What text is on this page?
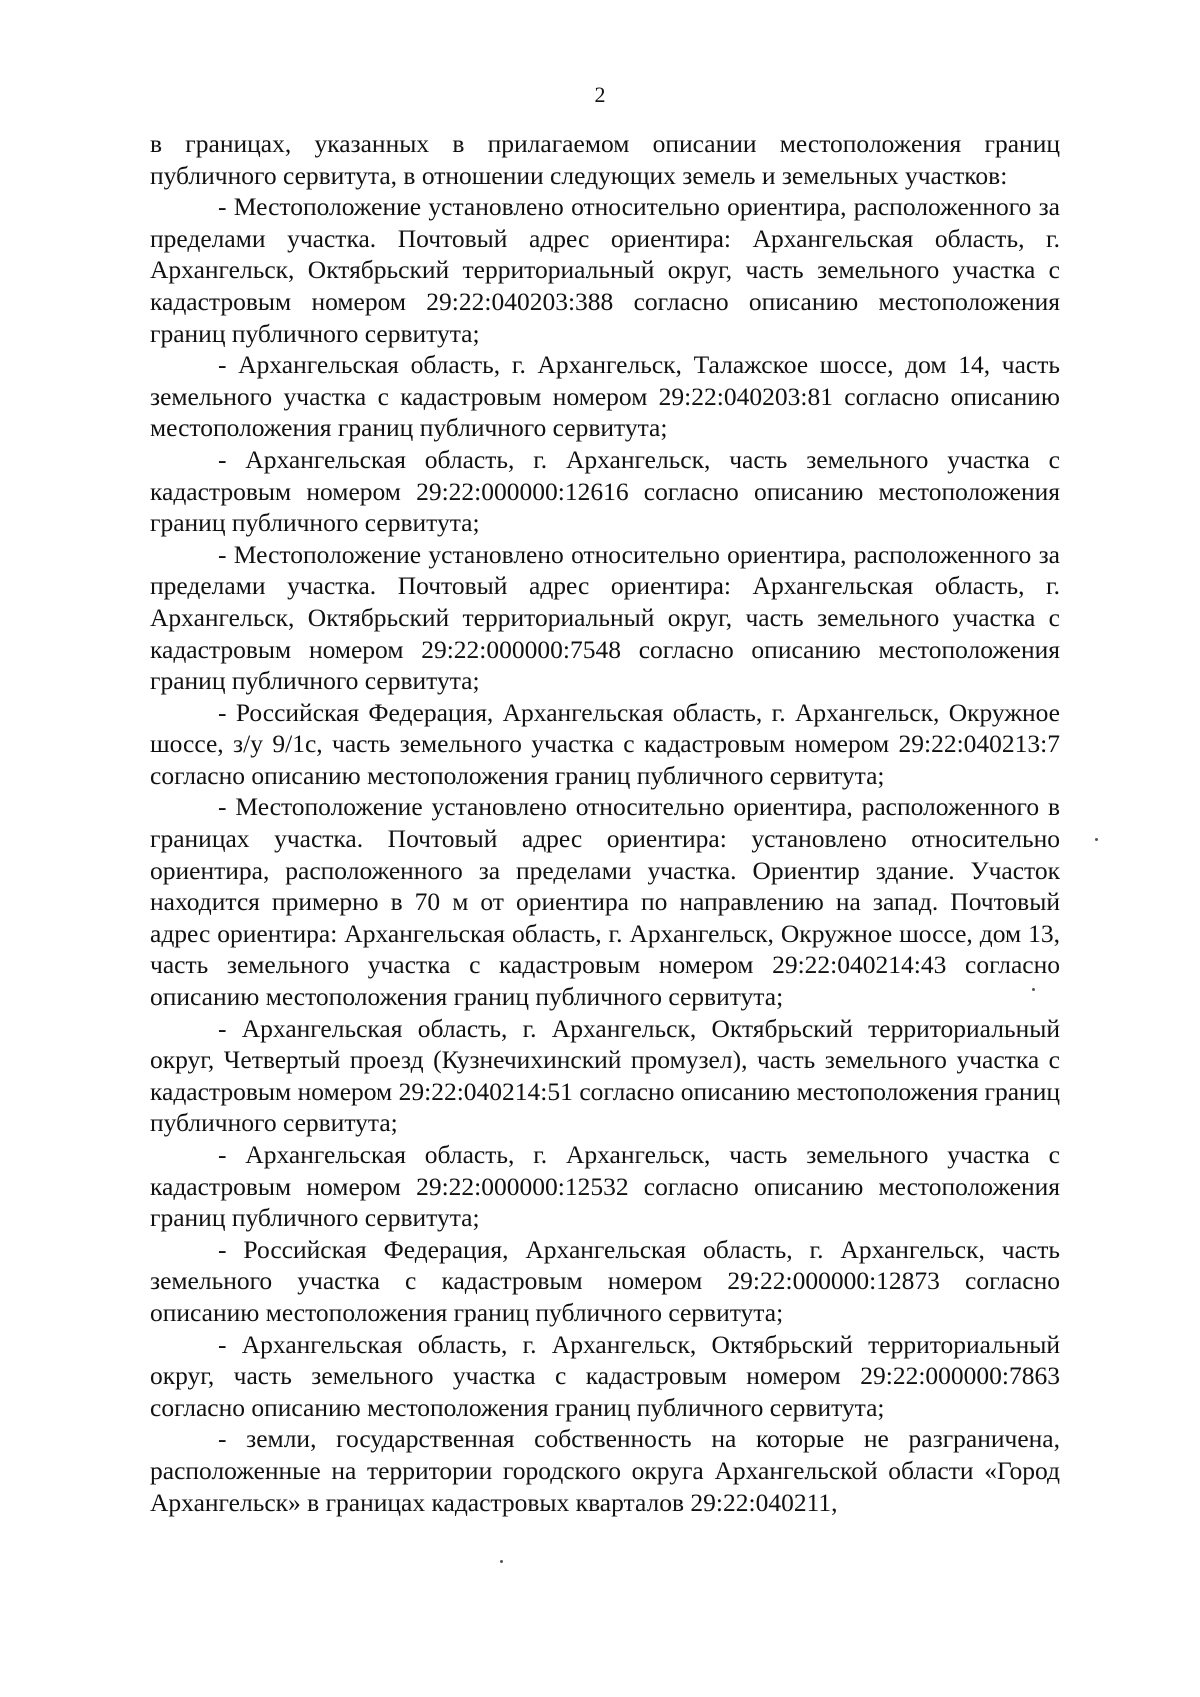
2

в границах, указанных в прилагаемом описании местоположения границ публичного сервитута, в отношении следующих земель и земельных участков:

- Местоположение установлено относительно ориентира, расположенного за пределами участка. Почтовый адрес ориентира: Архангельская область, г. Архангельск, Октябрьский территориальный округ, часть земельного участка с кадастровым номером 29:22:040203:388 согласно описанию местоположения границ публичного сервитута;

- Архангельская область, г. Архангельск, Талажское шоссе, дом 14, часть земельного участка с кадастровым номером 29:22:040203:81 согласно описанию местоположения границ публичного сервитута;

- Архангельская область, г. Архангельск, часть земельного участка с кадастровым номером 29:22:000000:12616 согласно описанию местоположения границ публичного сервитута;

- Местоположение установлено относительно ориентира, расположенного за пределами участка. Почтовый адрес ориентира: Архангельская область, г. Архангельск, Октябрьский территориальный округ, часть земельного участка с кадастровым номером 29:22:000000:7548 согласно описанию местоположения границ публичного сервитута;

- Российская Федерация, Архангельская область, г. Архангельск, Окружное шоссе, з/у 9/1с, часть земельного участка с кадастровым номером 29:22:040213:7 согласно описанию местоположения границ публичного сервитута;

- Местоположение установлено относительно ориентира, расположенного в границах участка. Почтовый адрес ориентира: установлено относительно ориентира, расположенного за пределами участка. Ориентир здание. Участок находится примерно в 70 м от ориентира по направлению на запад. Почтовый адрес ориентира: Архангельская область, г. Архангельск, Окружное шоссе, дом 13, часть земельного участка с кадастровым номером 29:22:040214:43 согласно описанию местоположения границ публичного сервитута;

- Архангельская область, г. Архангельск, Октябрьский территориальный округ, Четвертый проезд (Кузнечихинский промузел), часть земельного участка с кадастровым номером 29:22:040214:51 согласно описанию местоположения границ публичного сервитута;

- Архангельская область, г. Архангельск, часть земельного участка с кадастровым номером 29:22:000000:12532 согласно описанию местоположения границ публичного сервитута;

- Российская Федерация, Архангельская область, г. Архангельск, часть земельного участка с кадастровым номером 29:22:000000:12873 согласно описанию местоположения границ публичного сервитута;

- Архангельская область, г. Архангельск, Октябрьский территориальный округ, часть земельного участка с кадастровым номером 29:22:000000:7863 согласно описанию местоположения границ публичного сервитута;

- земли, государственная собственность на которые не разграничена, расположенные на территории городского округа Архангельской области «Город Архангельск» в границах кадастровых кварталов 29:22:040211,
